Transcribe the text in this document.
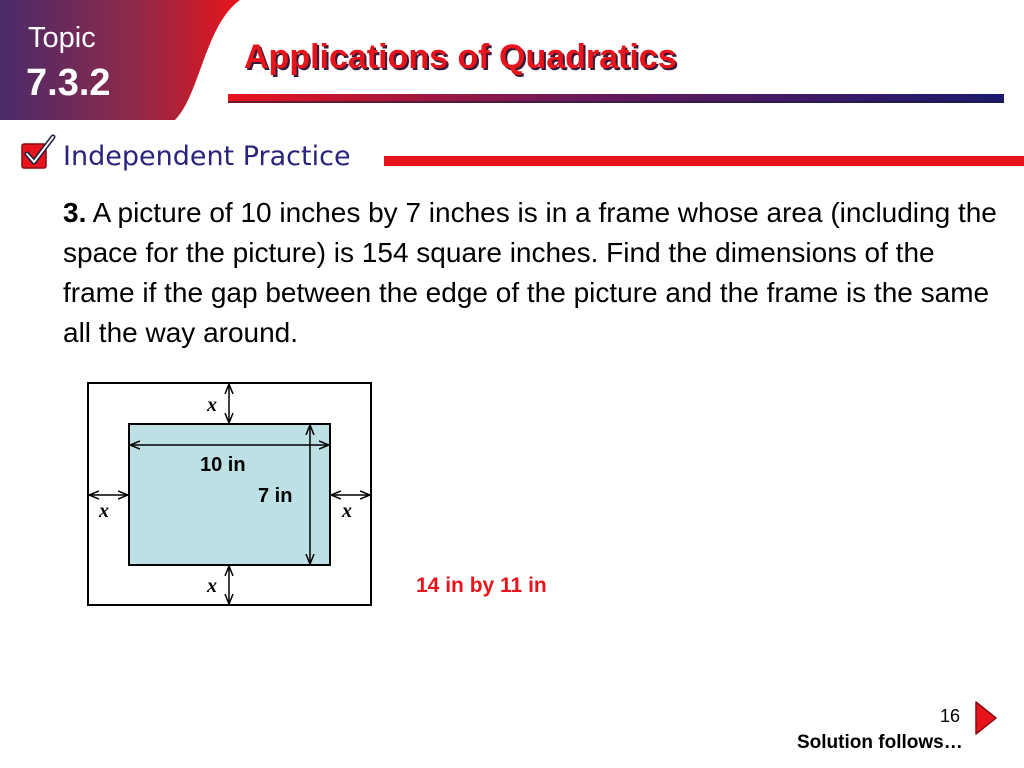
Topic
7.3.2
Applications of Quadratics
Independent Practice
3. A picture of 10 inches by 7 inches is in a frame whose area (including the space for the picture) is 154 square inches. Find the dimensions of the frame if the gap between the edge of the picture and the frame is the same all the way around.
10 in
7 in
x
x	x
x	14 in by 11 in
16
Solution follows…
